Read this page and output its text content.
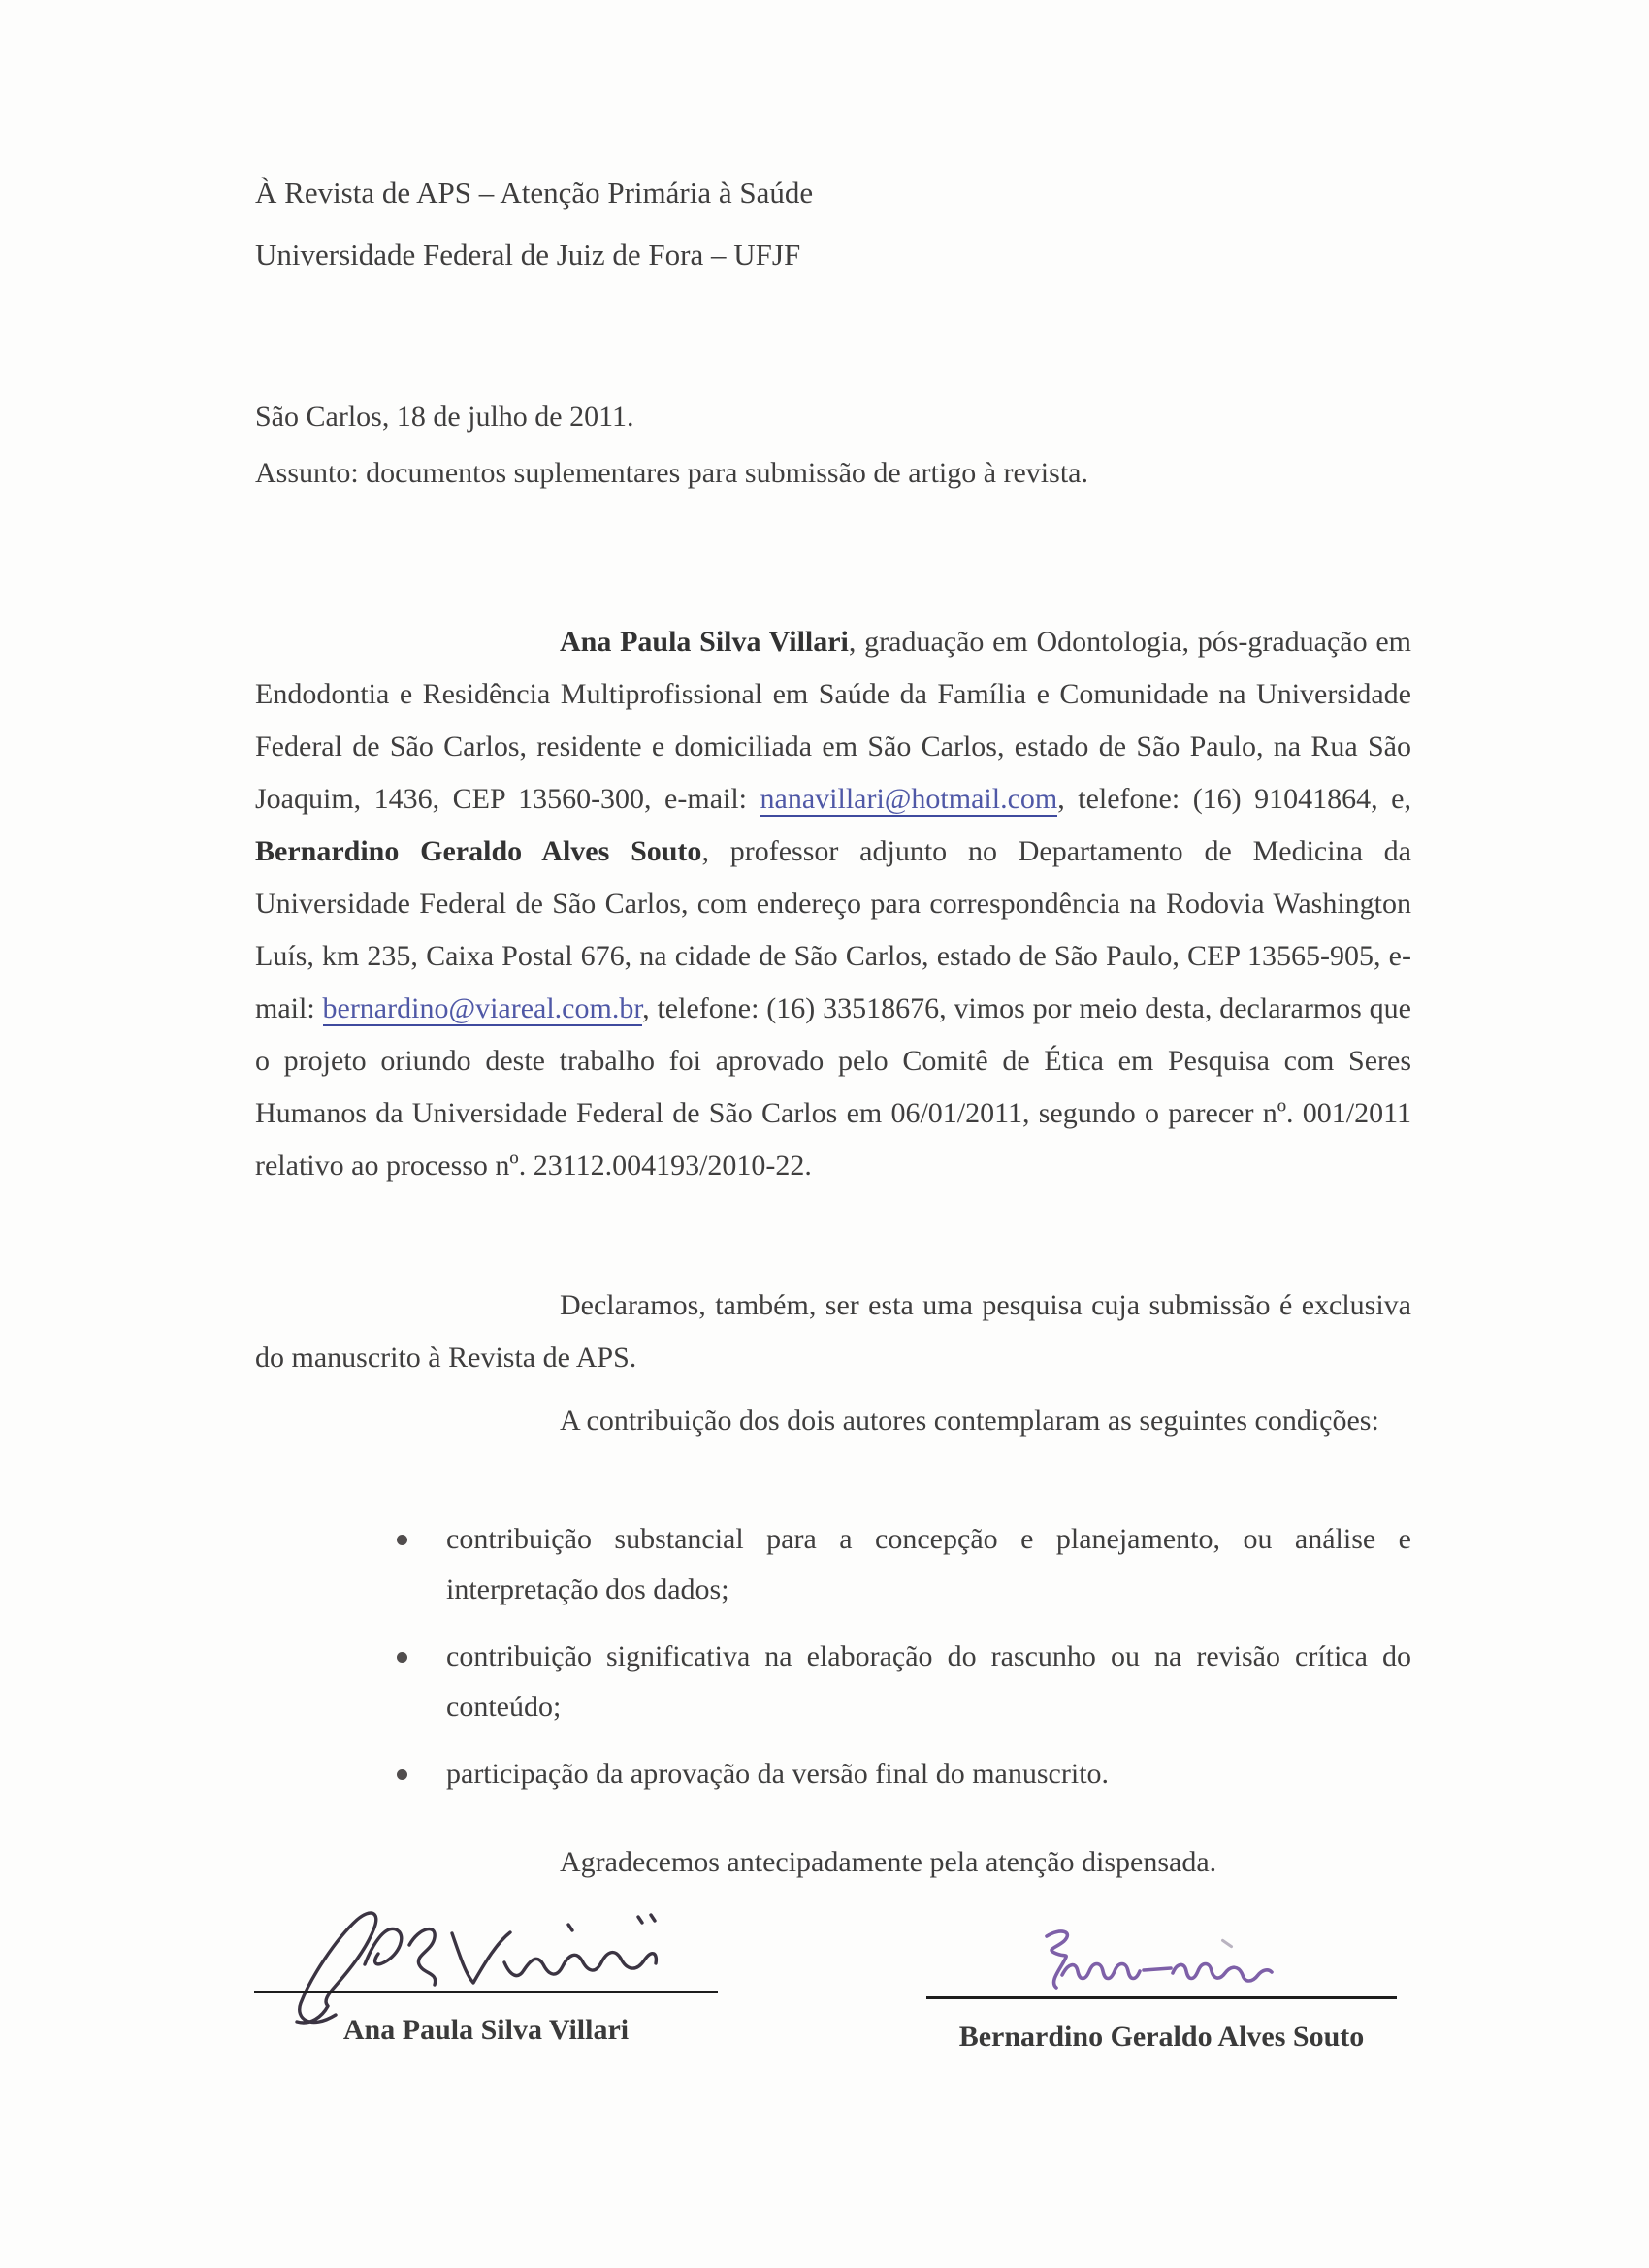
À Revista de APS – Atenção Primária à Saúde

Universidade Federal de Juiz de Fora – UFJF

São Carlos, 18 de julho de 2011.

Assunto: documentos suplementares para submissão de artigo à revista.

Ana Paula Silva Villari, graduação em Odontologia, pós-graduação em Endodontia e Residência Multiprofissional em Saúde da Família e Comunidade na Universidade Federal de São Carlos, residente e domiciliada em São Carlos, estado de São Paulo, na Rua São Joaquim, 1436, CEP 13560-300, e-mail: nanavillari@hotmail.com, telefone: (16) 91041864, e, Bernardino Geraldo Alves Souto, professor adjunto no Departamento de Medicina da Universidade Federal de São Carlos, com endereço para correspondência na Rodovia Washington Luís, km 235, Caixa Postal 676, na cidade de São Carlos, estado de São Paulo, CEP 13565-905, e-mail: bernardino@viareal.com.br, telefone: (16) 33518676, vimos por meio desta, declararmos que o projeto oriundo deste trabalho foi aprovado pelo Comitê de Ética em Pesquisa com Seres Humanos da Universidade Federal de São Carlos em 06/01/2011, segundo o parecer nº. 001/2011 relativo ao processo nº. 23112.004193/2010-22.

Declaramos, também, ser esta uma pesquisa cuja submissão é exclusiva do manuscrito à Revista de APS.

A contribuição dos dois autores contemplaram as seguintes condições:

contribuição substancial para a concepção e planejamento, ou análise e interpretação dos dados;
contribuição significativa na elaboração do rascunho ou na revisão crítica do conteúdo;
participação da aprovação da versão final do manuscrito.

Agradecemos antecipadamente pela atenção dispensada.

Ana Paula Silva Villari	Bernardino Geraldo Alves Souto
